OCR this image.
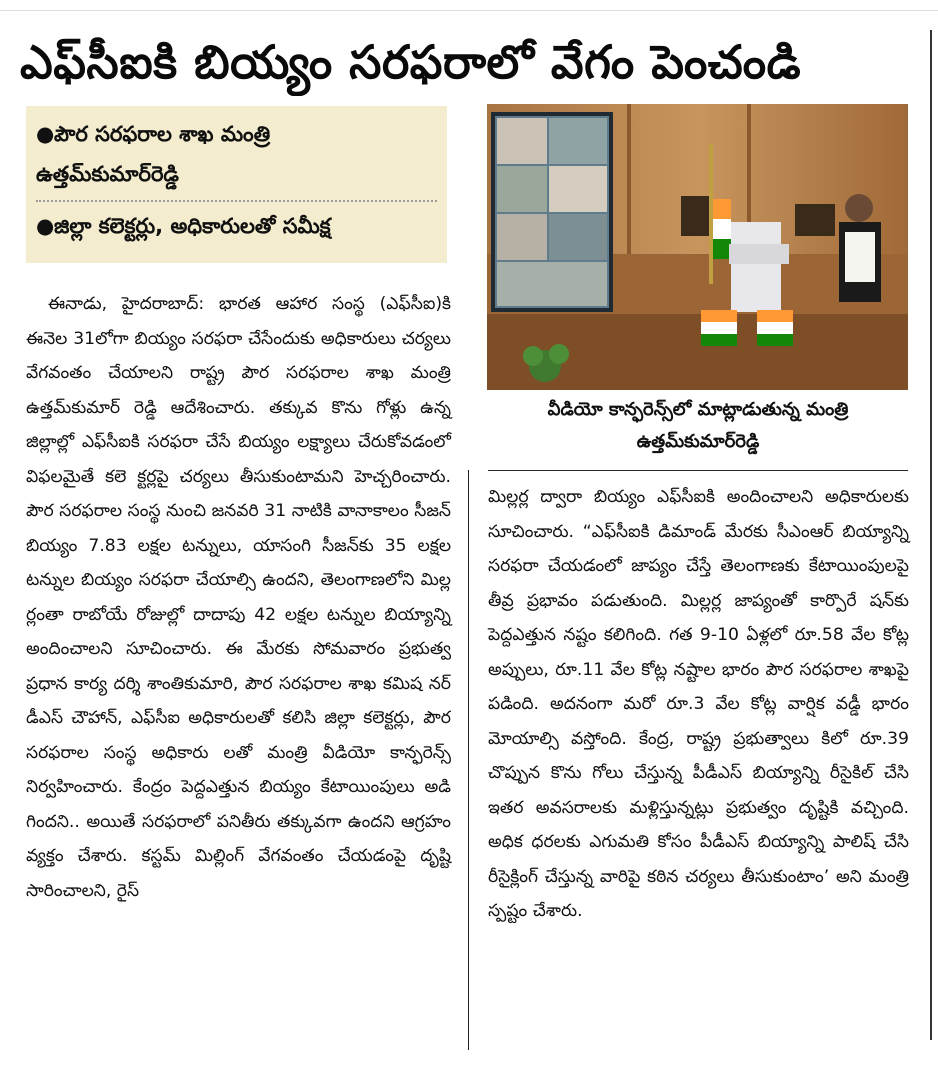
ఎఫ్‌సీఐకి బియ్యం సరఫరాలో వేగం పెంచండి
●పౌర సరఫరాల శాఖ మంత్రి
ఉత్తమ్‌కుమార్‌రెడ్డి
●జిల్లా కలెక్టర్లు, అధికారులతో సమీక్ష

ఈనాడు, హైదరాబాద్‌: భారత ఆహార సంస్థ (ఎఫ్‌సీఐ)కి ఈనెల 31లోగా బియ్యం సరఫరా చేసేందుకు అధికారులు చర్యలు వేగవంతం చేయాలని రాష్ట్ర పౌర సరఫరాల శాఖ మంత్రి ఉత్తమ్‌కుమార్‌ రెడ్డి ఆదేశించారు. తక్కువ కొను గోళ్లు ఉన్న జిల్లాల్లో ఎఫ్‌సీఐకి సరఫరా చేసే బియ్యం లక్ష్యాలు చేరుకోవడంలో విఫలమైతే కలె క్టర్లపై చర్యలు తీసుకుంటామని హెచ్చరించారు. పౌర సరఫరాల సంస్థ నుంచి జనవరి 31 నాటికి వానాకాలం సీజన్‌ బియ్యం 7.83 లక్షల టన్నులు, యాసంగి సీజన్‌కు 35 లక్షల టన్నుల బియ్యం సరఫరా చేయాల్సి ఉందని, తెలంగాణలోని మిల్ల ర్లంతా రాబోయే రోజుల్లో దాదాపు 42 లక్షల టన్నుల బియ్యాన్ని అందించాలని సూచించారు. ఈ మేరకు సోమవారం ప్రభుత్వ ప్రధాన కార్య దర్శి శాంతికుమారి, పౌర సరఫరాల శాఖ కమిష నర్‌ డీఎస్‌ చౌహాన్‌, ఎఫ్‌సీఐ అధికారులతో కలిసి జిల్లా కలెక్టర్లు, పౌర సరఫరాల సంస్థ అధికారు లతో మంత్రి వీడియో కాన్ఫరెన్స్‌ నిర్వహించారు. కేంద్రం పెద్దఎత్తున బియ్యం కేటాయింపులు అడి గిందని.. అయితే సరఫరాలో పనితీరు తక్కువగా ఉందని ఆగ్రహం వ్యక్తం చేశారు. కస్టమ్‌ మిల్లింగ్‌ వేగవంతం చేయడంపై దృష్టి సారించాలని, రైస్‌

వీడియో కాన్ఫరెన్స్‌లో మాట్లాడుతున్న మంత్రి ఉత్తమ్‌కుమార్‌రెడ్డి

మిల్లర్ల ద్వారా బియ్యం ఎఫ్‌సీఐకి అందించాలని అధికారులకు సూచించారు. “ఎఫ్‌సీఐకి డిమాండ్‌ మేరకు సీఎంఆర్‌ బియ్యాన్ని సరఫరా చేయడంలో జాప్యం చేస్తే తెలంగాణకు కేటాయింపులపై తీవ్ర ప్రభావం పడుతుంది. మిల్లర్ల జాప్యంతో కార్పొరే షన్‌కు పెద్దఎత్తున నష్టం కలిగింది. గత 9-10 ఏళ్లలో రూ.58 వేల కోట్ల అప్పులు, రూ.11 వేల కోట్ల నష్టాల భారం పౌర సరఫరాల శాఖపై పడింది. అదనంగా మరో రూ.3 వేల కోట్ల వార్షిక వడ్డీ భారం మోయాల్సి వస్తోంది. కేంద్ర, రాష్ట్ర ప్రభుత్వాలు కిలో రూ.39 చొప్పున కొను గోలు చేస్తున్న పీడీఎస్‌ బియ్యాన్ని రీసైకిల్‌ చేసి ఇతర అవసరాలకు మళ్లిస్తున్నట్లు ప్రభుత్వం దృష్టికి వచ్చింది. అధిక ధరలకు ఎగుమతి కోసం పీడీఎస్‌ బియ్యాన్ని పాలిష్‌ చేసి రీసైక్లింగ్‌ చేస్తున్న వారిపై కఠిన చర్యలు తీసుకుంటాం’ అని మంత్రి స్పష్టం చేశారు.
